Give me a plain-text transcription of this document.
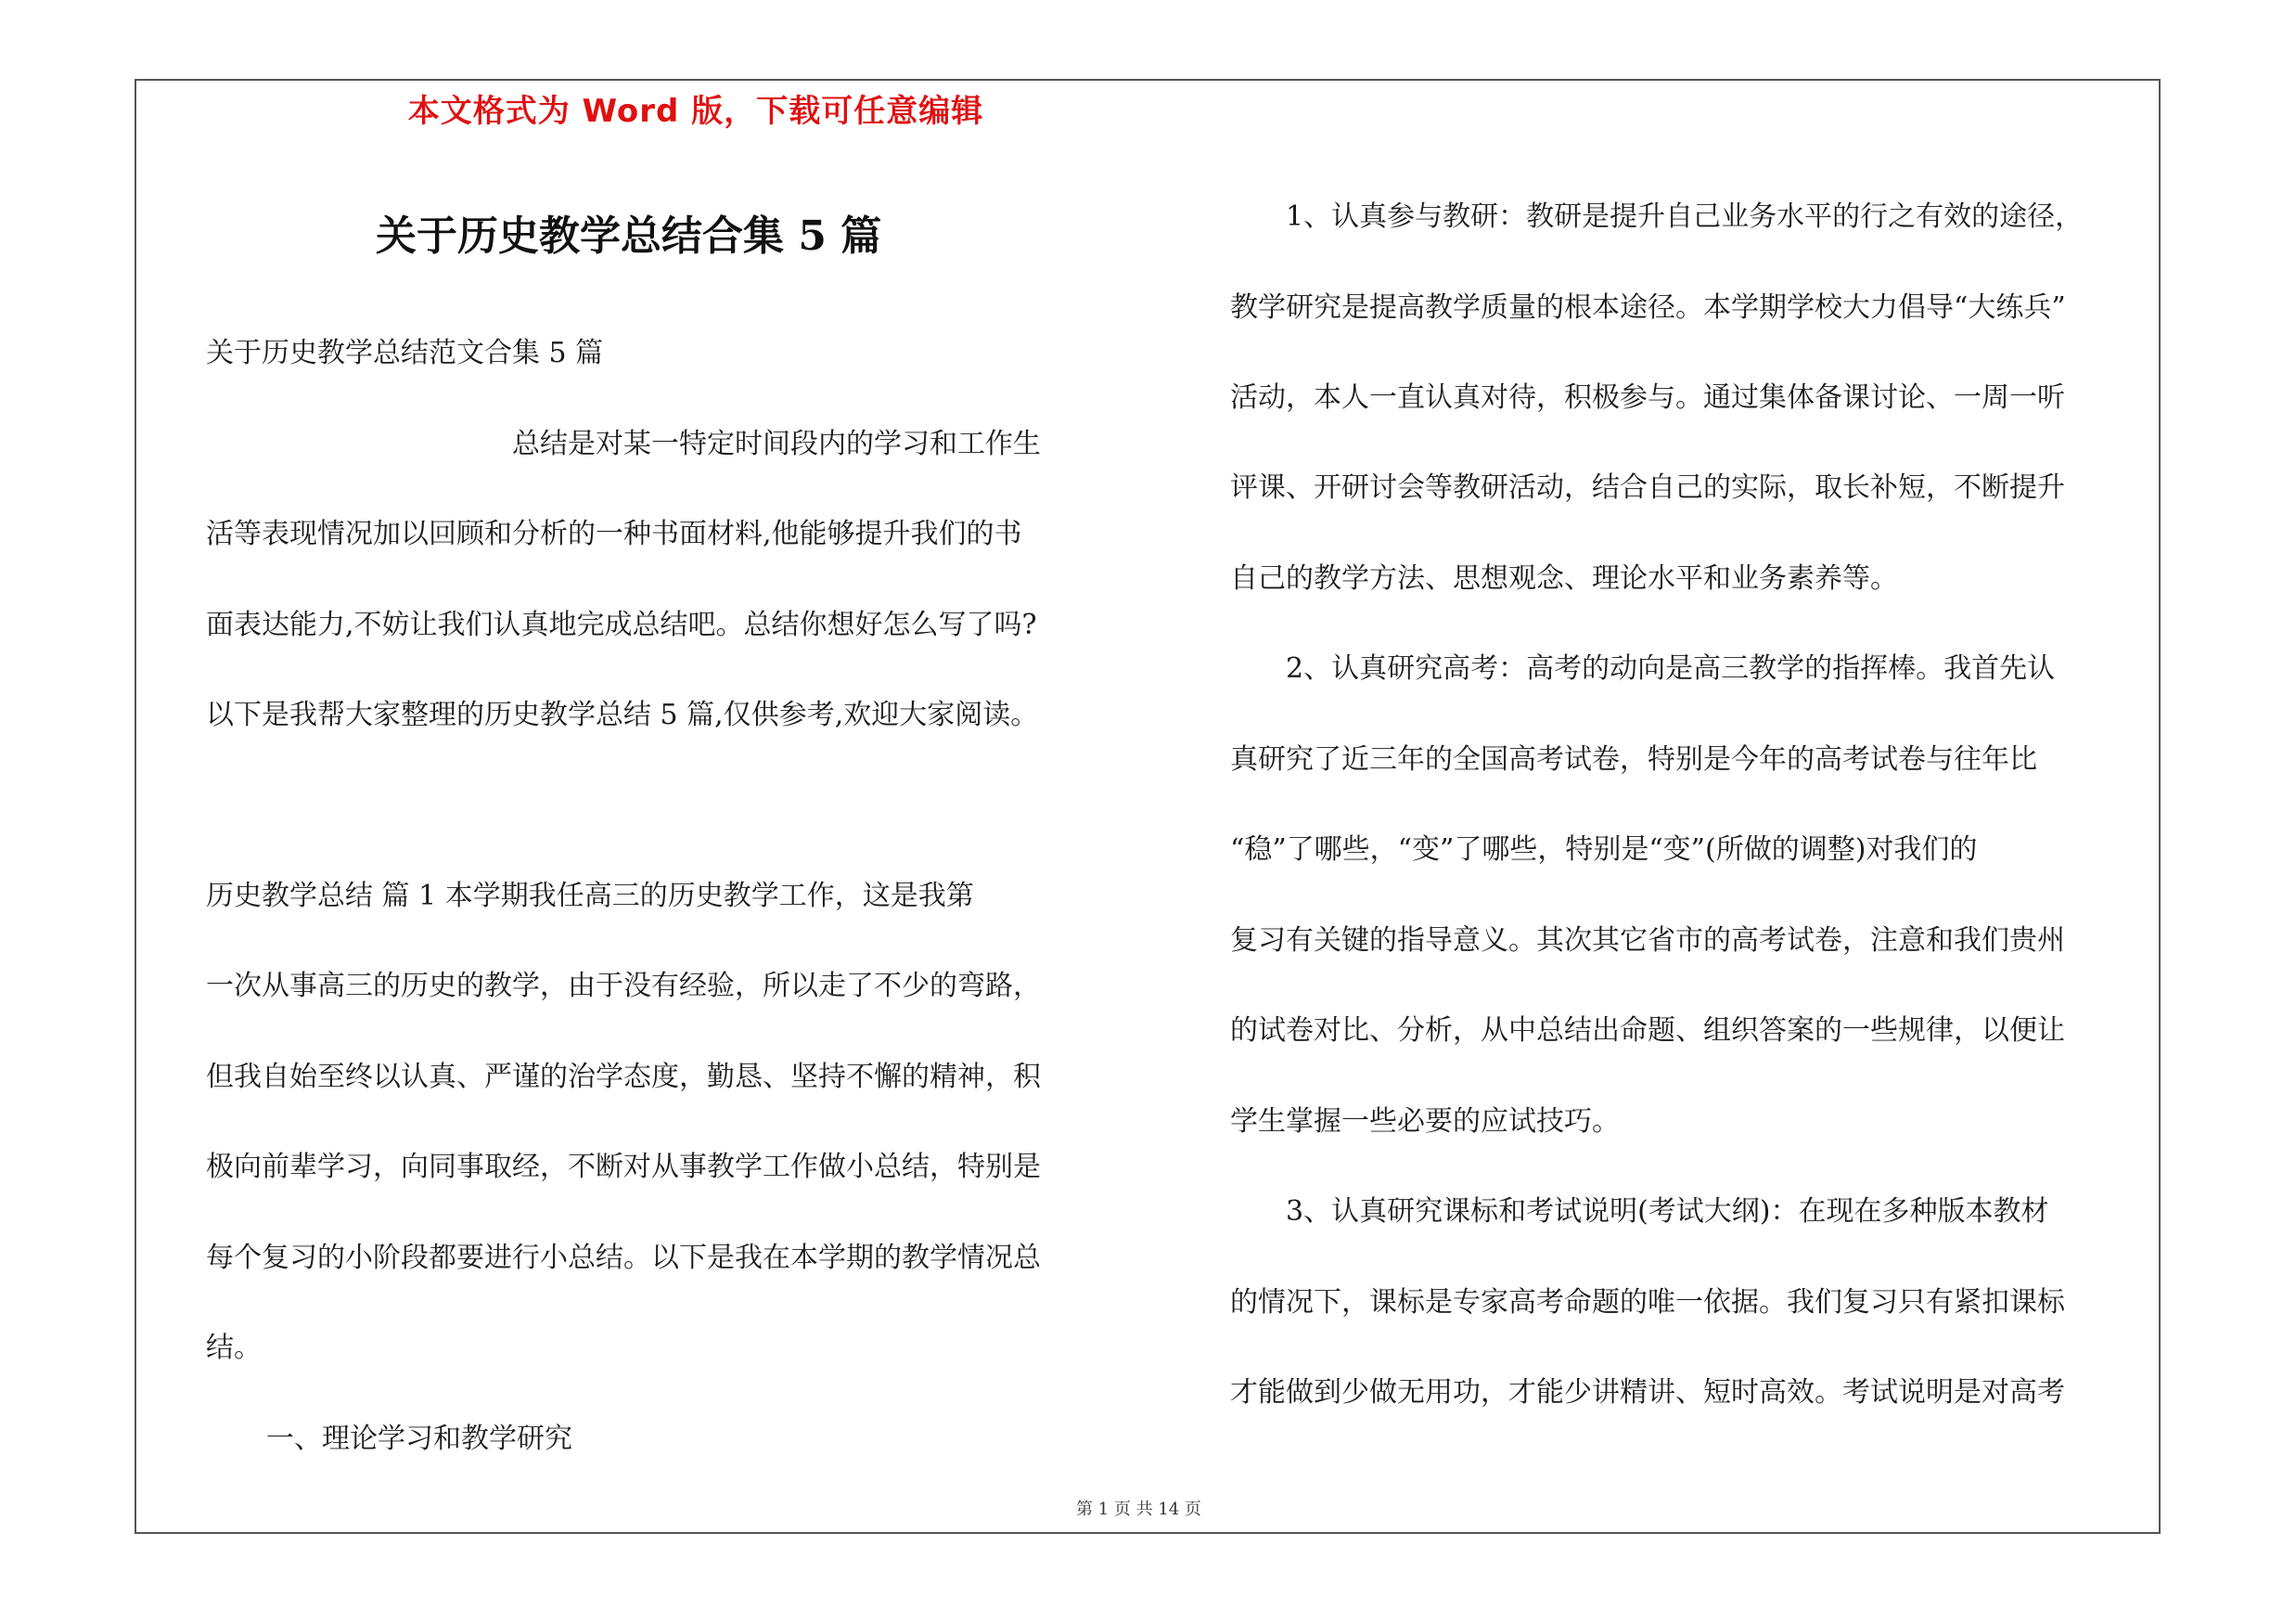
本文格式为 Word 版，下载可任意编辑
关于历史教学总结合集 5 篇
关于历史教学总结范文合集 5 篇
总结是对某一特定时间段内的学习和工作生
活等表现情况加以回顾和分析的一种书面材料,他能够提升我们的书
面表达能力,不妨让我们认真地完成总结吧。总结你想好怎么写了吗?
以下是我帮大家整理的历史教学总结 5 篇,仅供参考,欢迎大家阅读。
历史教学总结 篇 1 本学期我任高三的历史教学工作，这是我第
一次从事高三的历史的教学，由于没有经验，所以走了不少的弯路，
但我自始至终以认真、严谨的治学态度，勤恳、坚持不懈的精神，积
极向前辈学习，向同事取经，不断对从事教学工作做小总结，特别是
每个复习的小阶段都要进行小总结。以下是我在本学期的教学情况总
结。
一、理论学习和教学研究
1、认真参与教研：教研是提升自己业务水平的行之有效的途径，
教学研究是提高教学质量的根本途径。本学期学校大力倡导“大练兵”
活动，本人一直认真对待，积极参与。通过集体备课讨论、一周一听
评课、开研讨会等教研活动，结合自己的实际，取长补短，不断提升
自己的教学方法、思想观念、理论水平和业务素养等。
2、认真研究高考：高考的动向是高三教学的指挥棒。我首先认
真研究了近三年的全国高考试卷，特别是今年的高考试卷与往年比
“稳”了哪些，“变”了哪些，特别是“变”(所做的调整)对我们的
复习有关键的指导意义。其次其它省市的高考试卷，注意和我们贵州
的试卷对比、分析，从中总结出命题、组织答案的一些规律，以便让
学生掌握一些必要的应试技巧。
3、认真研究课标和考试说明(考试大纲)：在现在多种版本教材
的情况下，课标是专家高考命题的唯一依据。我们复习只有紧扣课标
才能做到少做无用功，才能少讲精讲、短时高效。考试说明是对高考
第 1 页 共 14 页
